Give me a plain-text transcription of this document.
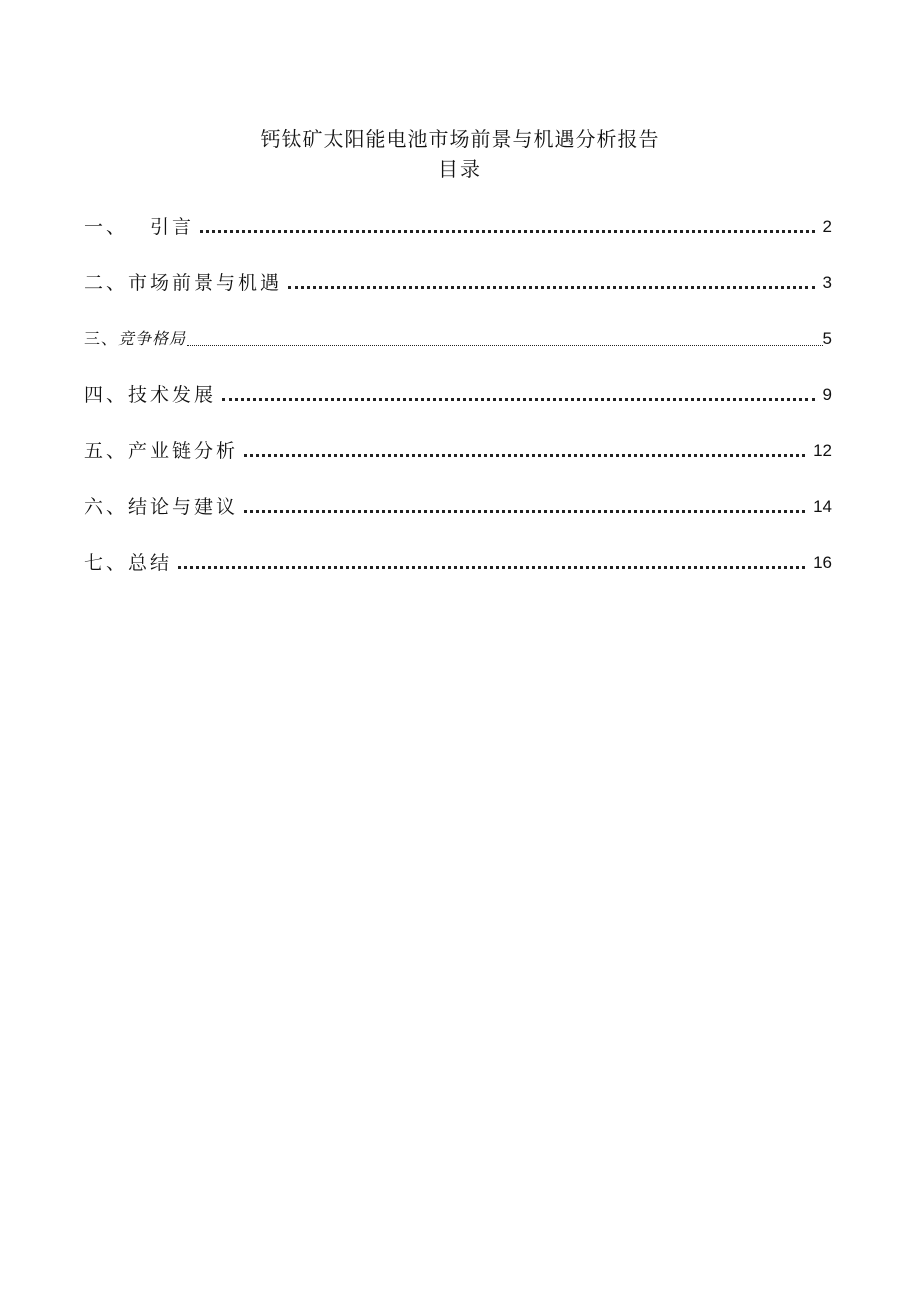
钙钛矿太阳能电池市场前景与机遇分析报告
目录
一、 引言	2
二、市场前景与机遇	3
三、竞争格局	5
四、技术发展	9
五、产业链分析	12
六、结论与建议	14
七、总结	16
